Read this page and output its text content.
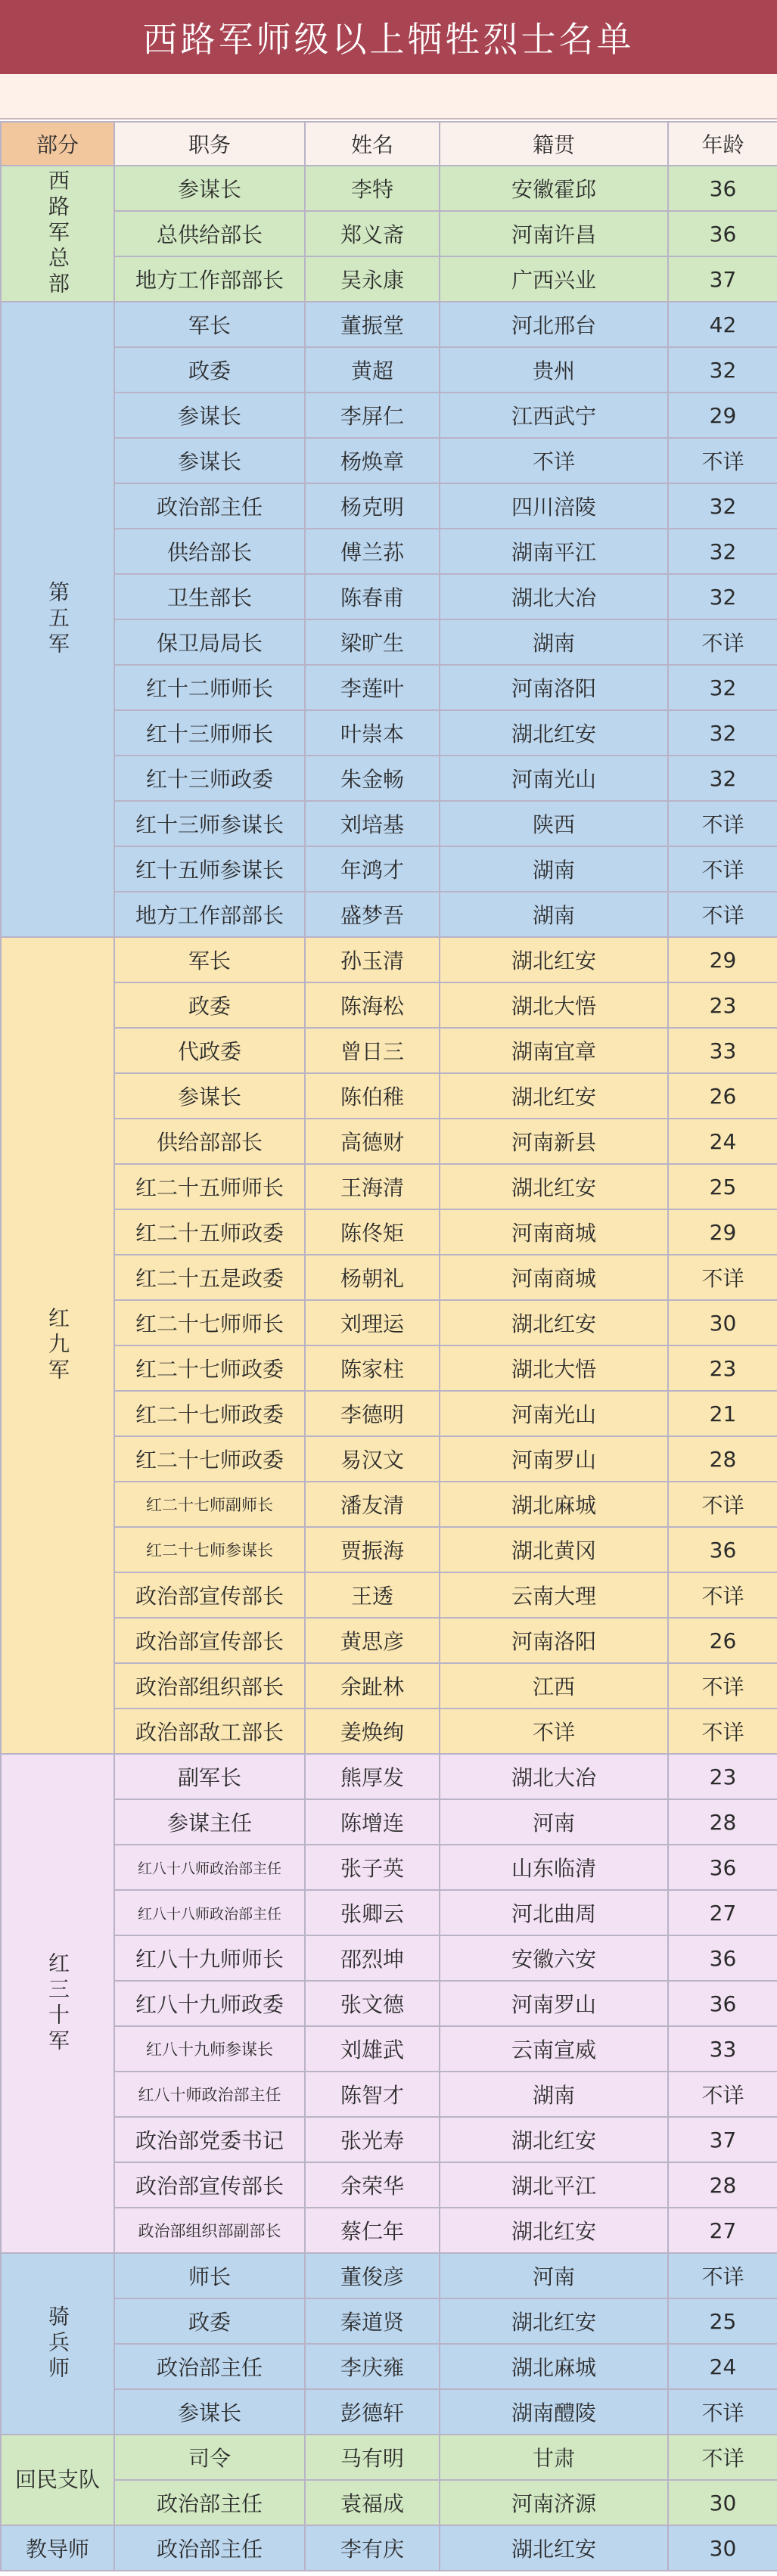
西路军师级以上牺牲烈士名单
部分	职务	姓名	籍贯	年龄
西路军总部	参谋长	李特	安徽霍邱	36
	总供给部长	郑义斋	河南许昌	36
	地方工作部部长	吴永康	广西兴业	37
第五军	军长	董振堂	河北邢台	42
	政委	黄超	贵州	32
	参谋长	李屏仁	江西武宁	29
	参谋长	杨焕章	不详	不详
	政治部主任	杨克明	四川涪陵	32
	供给部长	傅兰荪	湖南平江	32
	卫生部长	陈春甫	湖北大冶	32
	保卫局局长	梁旷生	湖南	不详
	红十二师师长	李莲叶	河南洛阳	32
	红十三师师长	叶崇本	湖北红安	32
	红十三师政委	朱金畅	河南光山	32
	红十三师参谋长	刘培基	陕西	不详
	红十五师参谋长	年鸿才	湖南	不详
	地方工作部部长	盛梦吾	湖南	不详
红九军	军长	孙玉清	湖北红安	29
	政委	陈海松	湖北大悟	23
	代政委	曾日三	湖南宜章	33
	参谋长	陈伯稚	湖北红安	26
	供给部部长	高德财	河南新县	24
	红二十五师师长	王海清	湖北红安	25
	红二十五师政委	陈佟矩	河南商城	29
	红二十五是政委	杨朝礼	河南商城	不详
	红二十七师师长	刘理运	湖北红安	30
	红二十七师政委	陈家柱	湖北大悟	23
	红二十七师政委	李德明	河南光山	21
	红二十七师政委	易汉文	河南罗山	28
	红二十七师副师长	潘友清	湖北麻城	不详
	红二十七师参谋长	贾振海	湖北黄冈	36
	政治部宣传部长	王透	云南大理	不详
	政治部宣传部长	黄思彦	河南洛阳	26
	政治部组织部长	余趾林	江西	不详
	政治部敌工部长	姜焕绚	不详	不详
红三十军	副军长	熊厚发	湖北大冶	23
	参谋主任	陈增连	河南	28
	红八十八师政治部主任	张子英	山东临清	36
	红八十八师政治部主任	张卿云	河北曲周	27
	红八十九师师长	邵烈坤	安徽六安	36
	红八十九师政委	张文德	河南罗山	36
	红八十九师参谋长	刘雄武	云南宣威	33
	红八十师政治部主任	陈智才	湖南	不详
	政治部党委书记	张光寿	湖北红安	37
	政治部宣传部长	余荣华	湖北平江	28
	政治部组织部副部长	蔡仁年	湖北红安	27
骑兵师	师长	董俊彦	河南	不详
	政委	秦道贤	湖北红安	25
	政治部主任	李庆雍	湖北麻城	24
	参谋长	彭德轩	湖南醴陵	不详
回民支队	司令	马有明	甘肃	不详
	政治部主任	袁福成	河南济源	30
教导师	政治部主任	李有庆	湖北红安	30
